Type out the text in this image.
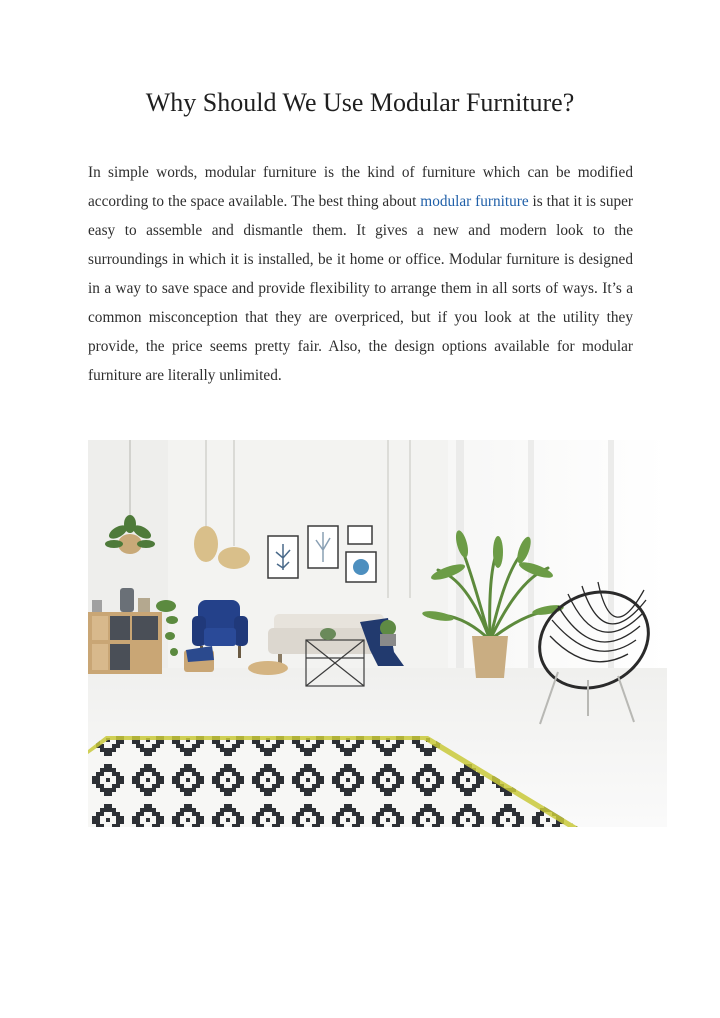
Why Should We Use Modular Furniture?

In simple words, modular furniture is the kind of furniture which can be modified according to the space available. The best thing about modular furniture is that it is super easy to assemble and dismantle them. It gives a new and modern look to the surroundings in which it is installed, be it home or office. Modular furniture is designed in a way to save space and provide flexibility to arrange them in all sorts of ways. It’s a common misconception that they are overpriced, but if you look at the utility they provide, the price seems pretty fair. Also, the design options available for modular furniture are literally unlimited.
